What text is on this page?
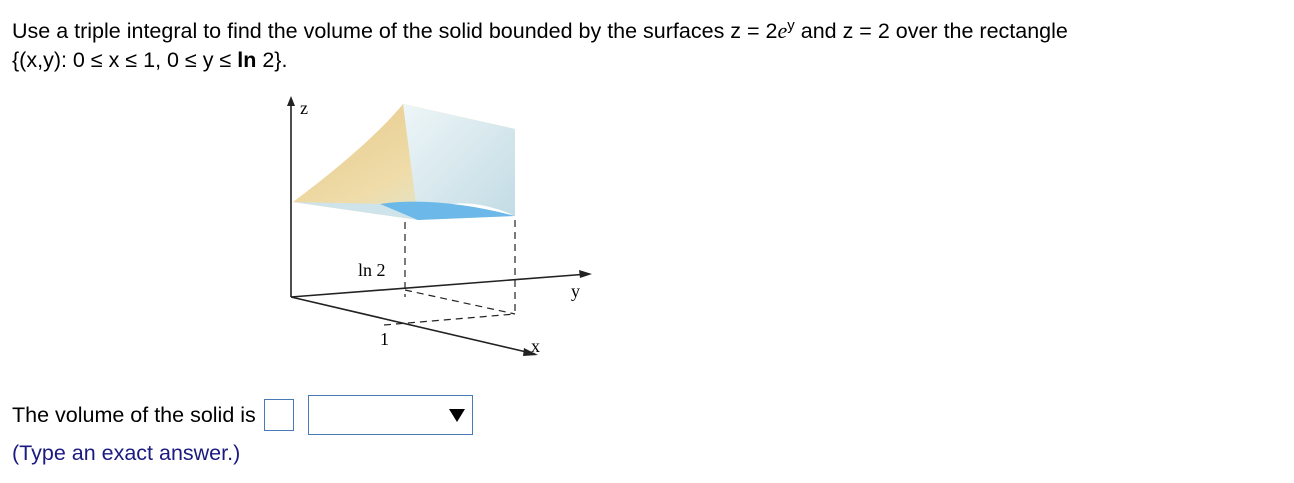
Use a triple integral to find the volume of the solid bounded by the surfaces $z = 2e^y$ and z = 2 over the rectangle
{(x,y): 0 ≤ x ≤ 1, 0 ≤ y ≤ ln 2}.
z
y
x
ln 2
1
The volume of the solid is
(Type an exact answer.)
